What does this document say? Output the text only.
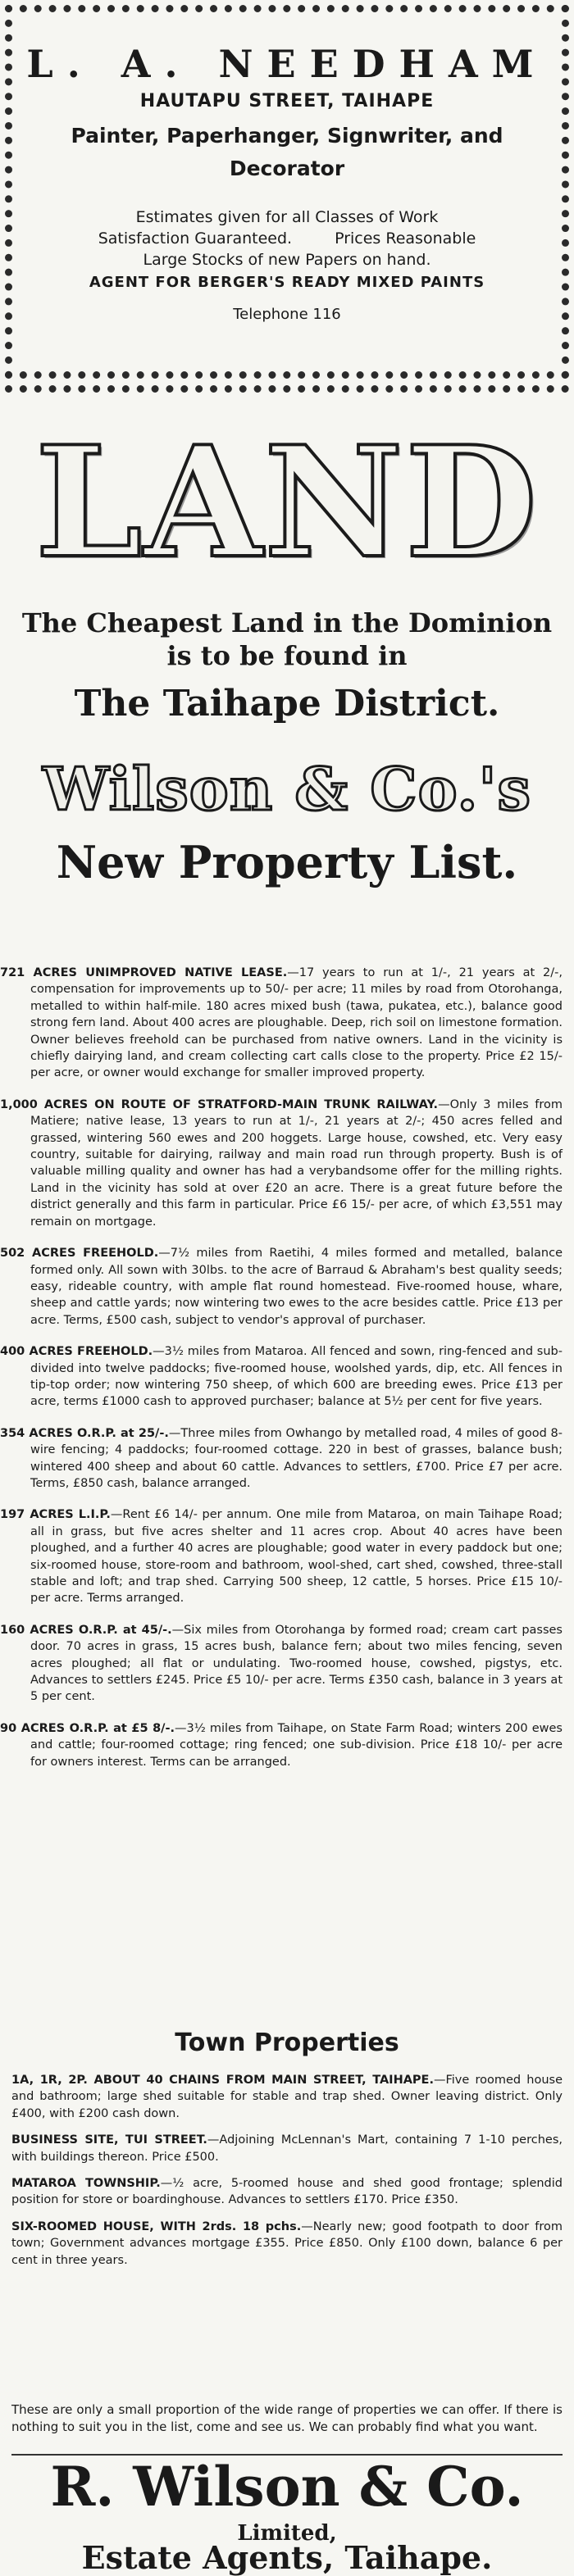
L. A. NEEDHAM
HAUTAPU STREET, TAIHAPE
Painter, Paperhanger, Signwriter, and
Decorator
Estimates given for all Classes of Work
Satisfaction Guaranteed.	Prices Reasonable
Large Stocks of new Papers on hand.
AGENT FOR BERGER'S READY MIXED PAINTS
Telephone 116
LAND
The Cheapest Land in the Dominion
is to be found in
The Taihape District.
Wilson & Co.'s
New Property List.
721 ACRES UNIMPROVED NATIVE LEASE.—17 years to run at 1/-, 21 years at 2/-, compensation for improvements up to 50/- per acre; 11 miles by road from Otorohanga, metalled to within half-mile. 180 acres mixed bush (tawa, pukatea, etc.), balance good strong fern land. About 400 acres are ploughable. Deep, rich soil on limestone formation. Owner believes freehold can be purchased from native owners. Land in the vicinity is chiefly dairying land, and cream collecting cart calls close to the property. Price £2 15/- per acre, or owner would exchange for smaller improved property.
1,000 ACRES ON ROUTE OF STRATFORD-MAIN TRUNK RAILWAY.—Only 3 miles from Matiere; native lease, 13 years to run at 1/-, 21 years at 2/-; 450 acres felled and grassed, wintering 560 ewes and 200 hoggets. Large house, cowshed, etc. Very easy country, suitable for dairying, railway and main road run through property. Bush is of valuable milling quality and owner has had a verybandsome offer for the milling rights. Land in the vicinity has sold at over £20 an acre. There is a great future before the district generally and this farm in particular. Price £6 15/- per acre, of which £3,551 may remain on mortgage.
502 ACRES FREEHOLD.—7½ miles from Raetihi, 4 miles formed and metalled, balance formed only. All sown with 30lbs. to the acre of Barraud & Abraham's best quality seeds; easy, rideable country, with ample flat round homestead. Five-roomed house, whare, sheep and cattle yards; now wintering two ewes to the acre besides cattle. Price £13 per acre. Terms, £500 cash, subject to vendor's approval of purchaser.
400 ACRES FREEHOLD.—3½ miles from Mataroa. All fenced and sown, ring-fenced and sub-divided into twelve paddocks; five-roomed house, woolshed yards, dip, etc. All fences in tip-top order; now wintering 750 sheep, of which 600 are breeding ewes. Price £13 per acre, terms £1000 cash to approved purchaser; balance at 5½ per cent for five years.
354 ACRES O.R.P. at 25/-.—Three miles from Owhango by metalled road, 4 miles of good 8-wire fencing; 4 paddocks; four-roomed cottage. 220 in best of grasses, balance bush; wintered 400 sheep and about 60 cattle. Advances to settlers, £700. Price £7 per acre. Terms, £850 cash, balance arranged.
197 ACRES L.I.P.—Rent £6 14/- per annum. One mile from Mataroa, on main Taihape Road; all in grass, but five acres shelter and 11 acres crop. About 40 acres have been ploughed, and a further 40 acres are ploughable; good water in every paddock but one; six-roomed house, store-room and bathroom, wool-shed, cart shed, cowshed, three-stall stable and loft; and trap shed. Carrying 500 sheep, 12 cattle, 5 horses. Price £15 10/- per acre. Terms arranged.
160 ACRES O.R.P. at 45/-.—Six miles from Otorohanga by formed road; cream cart passes door. 70 acres in grass, 15 acres bush, balance fern; about two miles fencing, seven acres ploughed; all flat or undulating. Two-roomed house, cowshed, pigstys, etc. Advances to settlers £245. Price £5 10/- per acre. Terms £350 cash, balance in 3 years at 5 per cent.
90 ACRES O.R.P. at £5 8/-.—3½ miles from Taihape, on State Farm Road; winters 200 ewes and cattle; four-roomed cottage; ring fenced; one sub-division. Price £18 10/- per acre for owners interest. Terms can be arranged.
Town Properties
1A, 1R, 2P. ABOUT 40 CHAINS FROM MAIN STREET, TAIHAPE.—Five roomed house and bathroom; large shed suitable for stable and trap shed. Owner leaving district. Only £400, with £200 cash down.
BUSINESS SITE, TUI STREET.—Adjoining McLennan's Mart, containing 7 1-10 perches, with buildings thereon. Price £500.
MATAROA TOWNSHIP.—½ acre, 5-roomed house and shed good frontage; splendid position for store or boardinghouse. Advances to settlers £170. Price £350.
SIX-ROOMED HOUSE, WITH 2rds. 18 pchs.—Nearly new; good footpath to door from town; Government advances mortgage £355. Price £850. Only £100 down, balance 6 per cent in three years.
These are only a small proportion of the wide range of properties we can offer. If there is nothing to suit you in the list, come and see us. We can probably find what you want.
R. Wilson & Co.
Limited,
Estate Agents, Taihape.
